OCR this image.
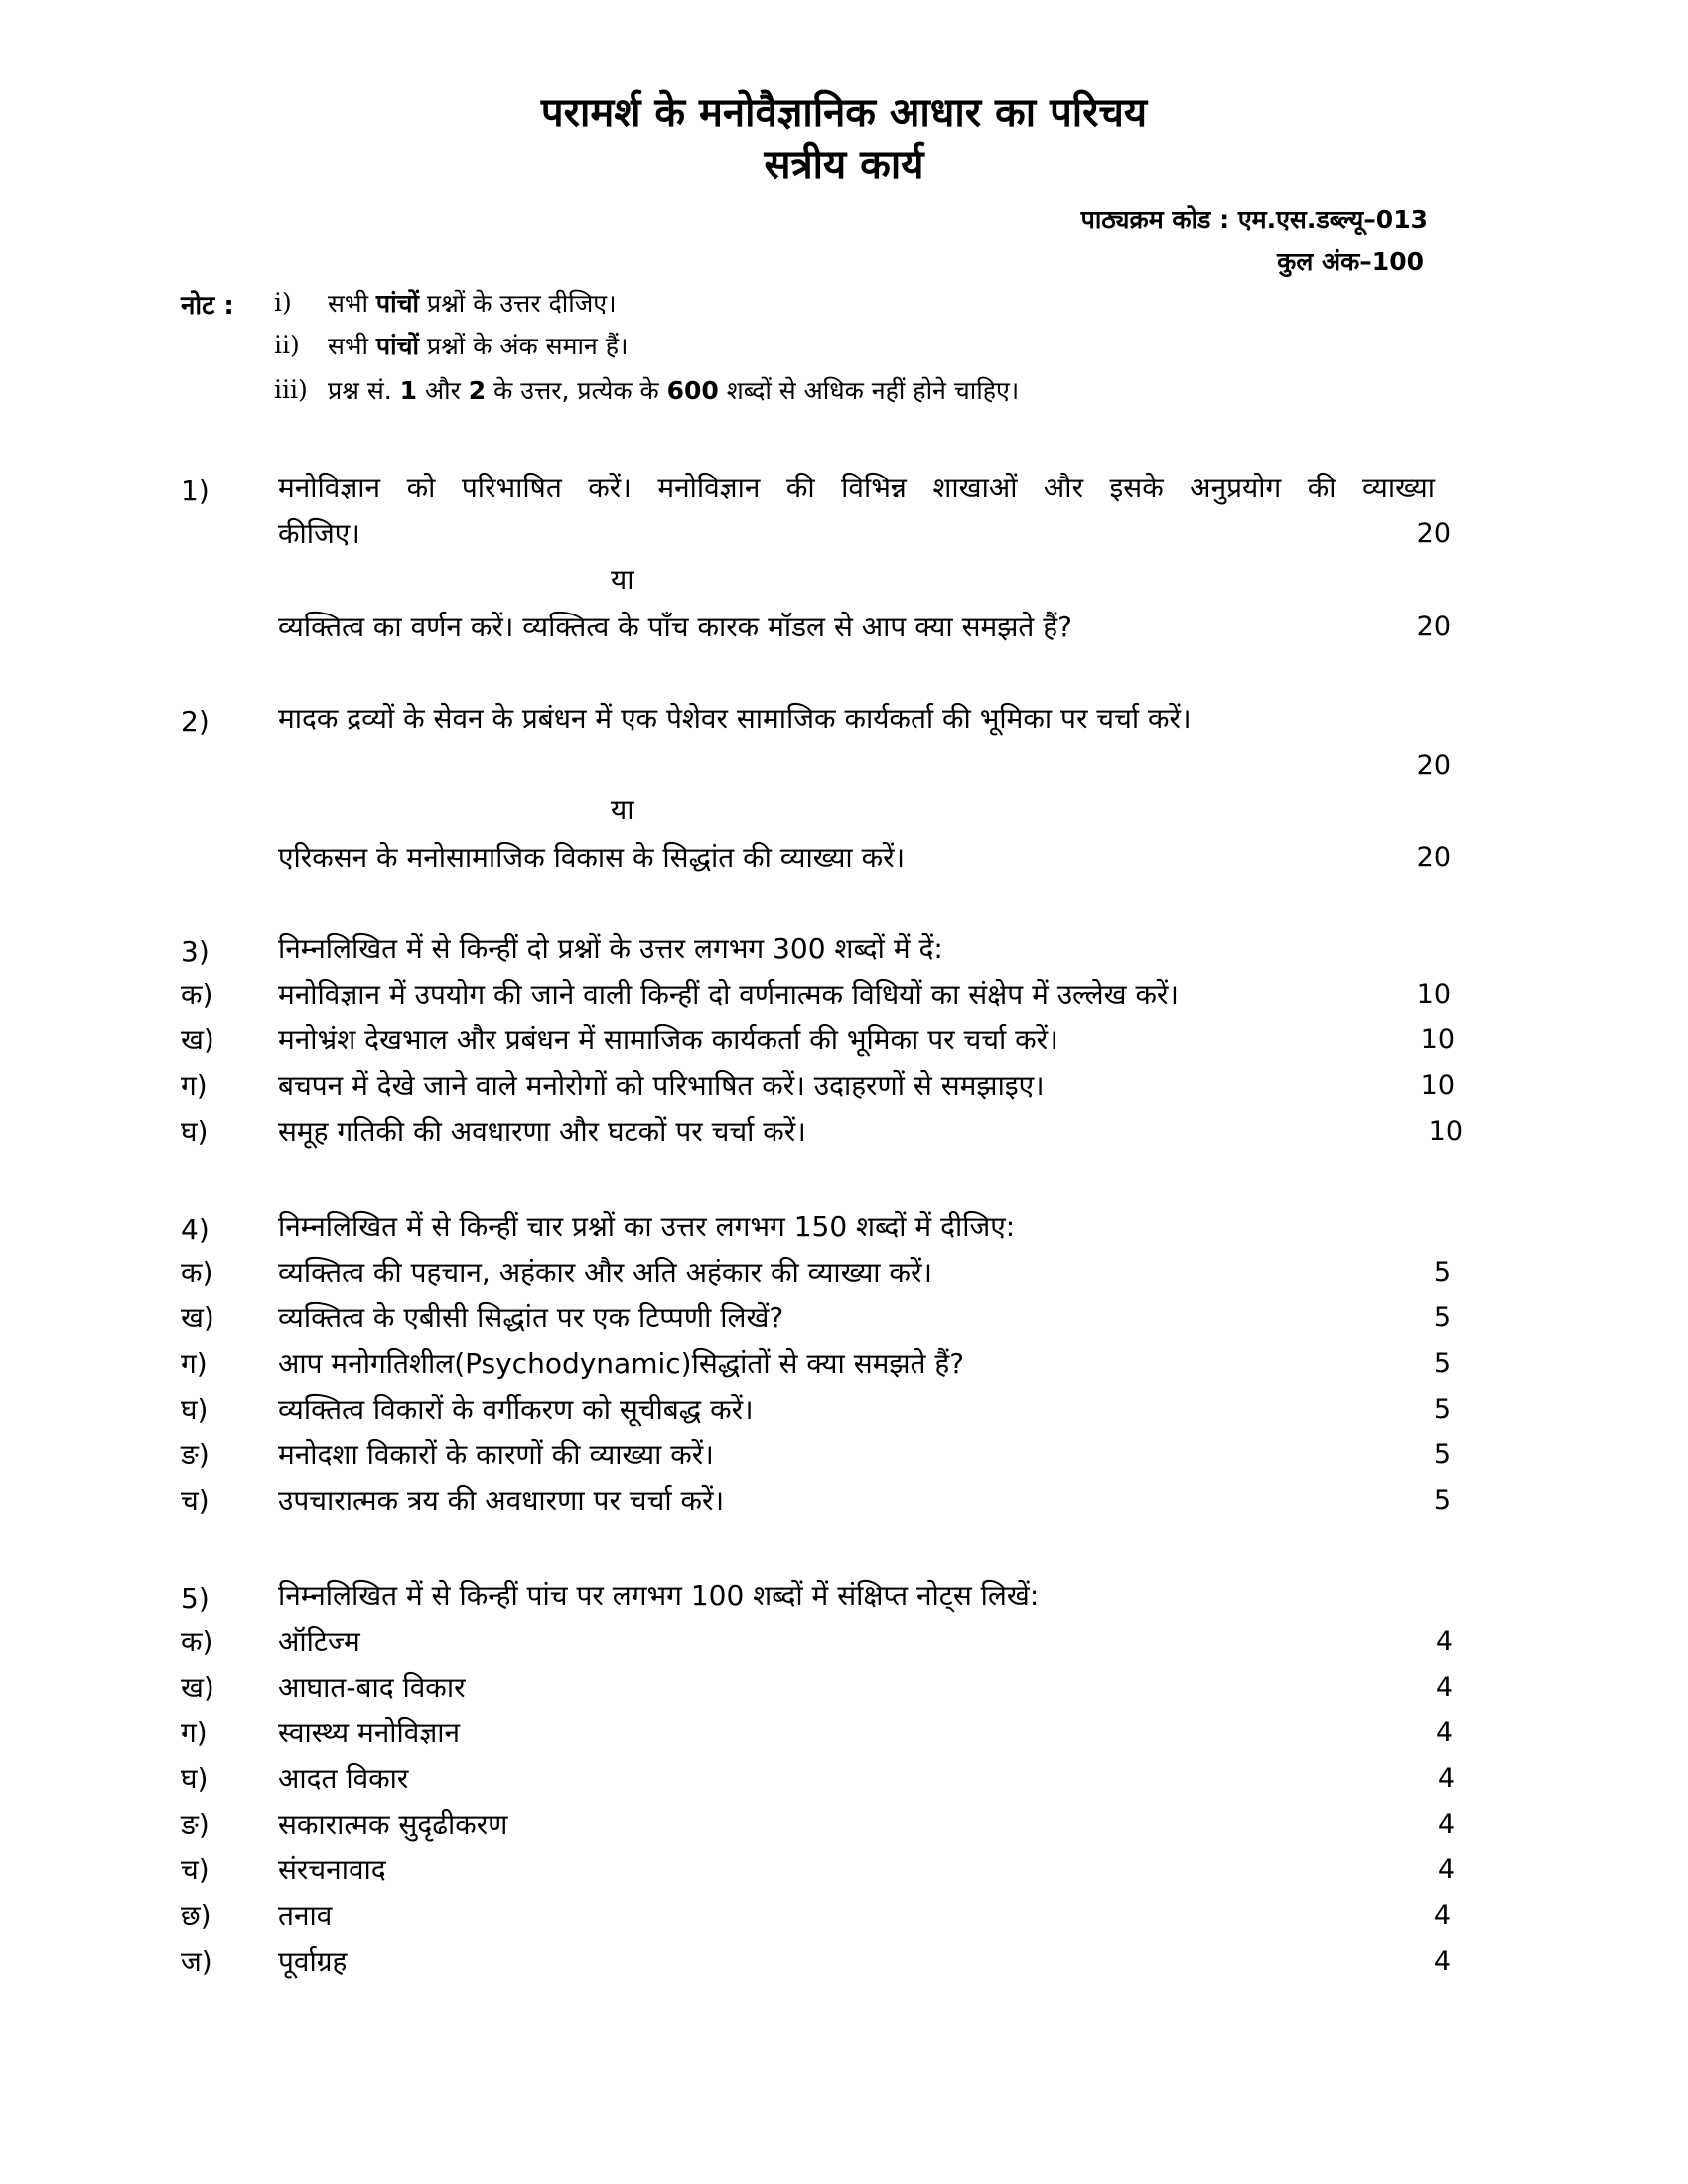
परामर्श के मनोवैज्ञानिक आधार का परिचय
सत्रीय कार्य
पाठ्यक्रम कोड : एम.एस.डब्ल्यू–013
कुल अंक–100
नोट : i) सभी पांचों प्रश्नों के उत्तर दीजिए।
ii) सभी पांचों प्रश्नों के अंक समान हैं।
iii) प्रश्न सं. 1 और 2 के उत्तर, प्रत्येक के 600 शब्दों से अधिक नहीं होने चाहिए।
1) मनोविज्ञान को परिभाषित करें। मनोविज्ञान की विभिन्न शाखाओं और इसके अनुप्रयोग की व्याख्या
कीजिए।	20
या
व्यक्तित्व का वर्णन करें। व्यक्तित्व के पाँच कारक मॉडल से आप क्या समझते हैं?	20
2) मादक द्रव्यों के सेवन के प्रबंधन में एक पेशेवर सामाजिक कार्यकर्ता की भूमिका पर चर्चा करें।
20
या
एरिकसन के मनोसामाजिक विकास के सिद्धांत की व्याख्या करें।	20
3) निम्नलिखित में से किन्हीं दो प्रश्नों के उत्तर लगभग 300 शब्दों में दें:
क) मनोविज्ञान में उपयोग की जाने वाली किन्हीं दो वर्णनात्मक विधियों का संक्षेप में उल्लेख करें।	10
ख) मनोभ्रंश देखभाल और प्रबंधन में सामाजिक कार्यकर्ता की भूमिका पर चर्चा करें।	10
ग)	बचपन में देखे जाने वाले मनोरोगों को परिभाषित करें। उदाहरणों से समझाइए।	10
घ)	समूह गतिकी की अवधारणा और घटकों पर चर्चा करें।	10
4) निम्नलिखित में से किन्हीं चार प्रश्नों का उत्तर लगभग 150 शब्दों में दीजिए:
क) व्यक्तित्व की पहचान, अहंकार और अति अहंकार की व्याख्या करें।	5
ख) व्यक्तित्व के एबीसी सिद्धांत पर एक टिप्पणी लिखें?	5
ग)	आप मनोगतिशील(Psychodynamic)सिद्धांतों से क्या समझते हैं?	5
घ)	व्यक्तित्व विकारों के वर्गीकरण को सूचीबद्ध करें।	5
ङ) मनोदशा विकारों के कारणों की व्याख्या करें।	5
च) उपचारात्मक त्रय की अवधारणा पर चर्चा करें।	5
5) निम्नलिखित में से किन्हीं पांच पर लगभग 100 शब्दों में संक्षिप्त नोट्स लिखें:
क) ऑटिज्म	4
ख) आघात-बाद विकार	4
ग)	स्वास्थ्य मनोविज्ञान	4
घ)	आदत विकार	4
ङ) सकारात्मक सुदृढीकरण	4
च) संरचनावाद	4
छ) तनाव	4
ज) पूर्वाग्रह	4
